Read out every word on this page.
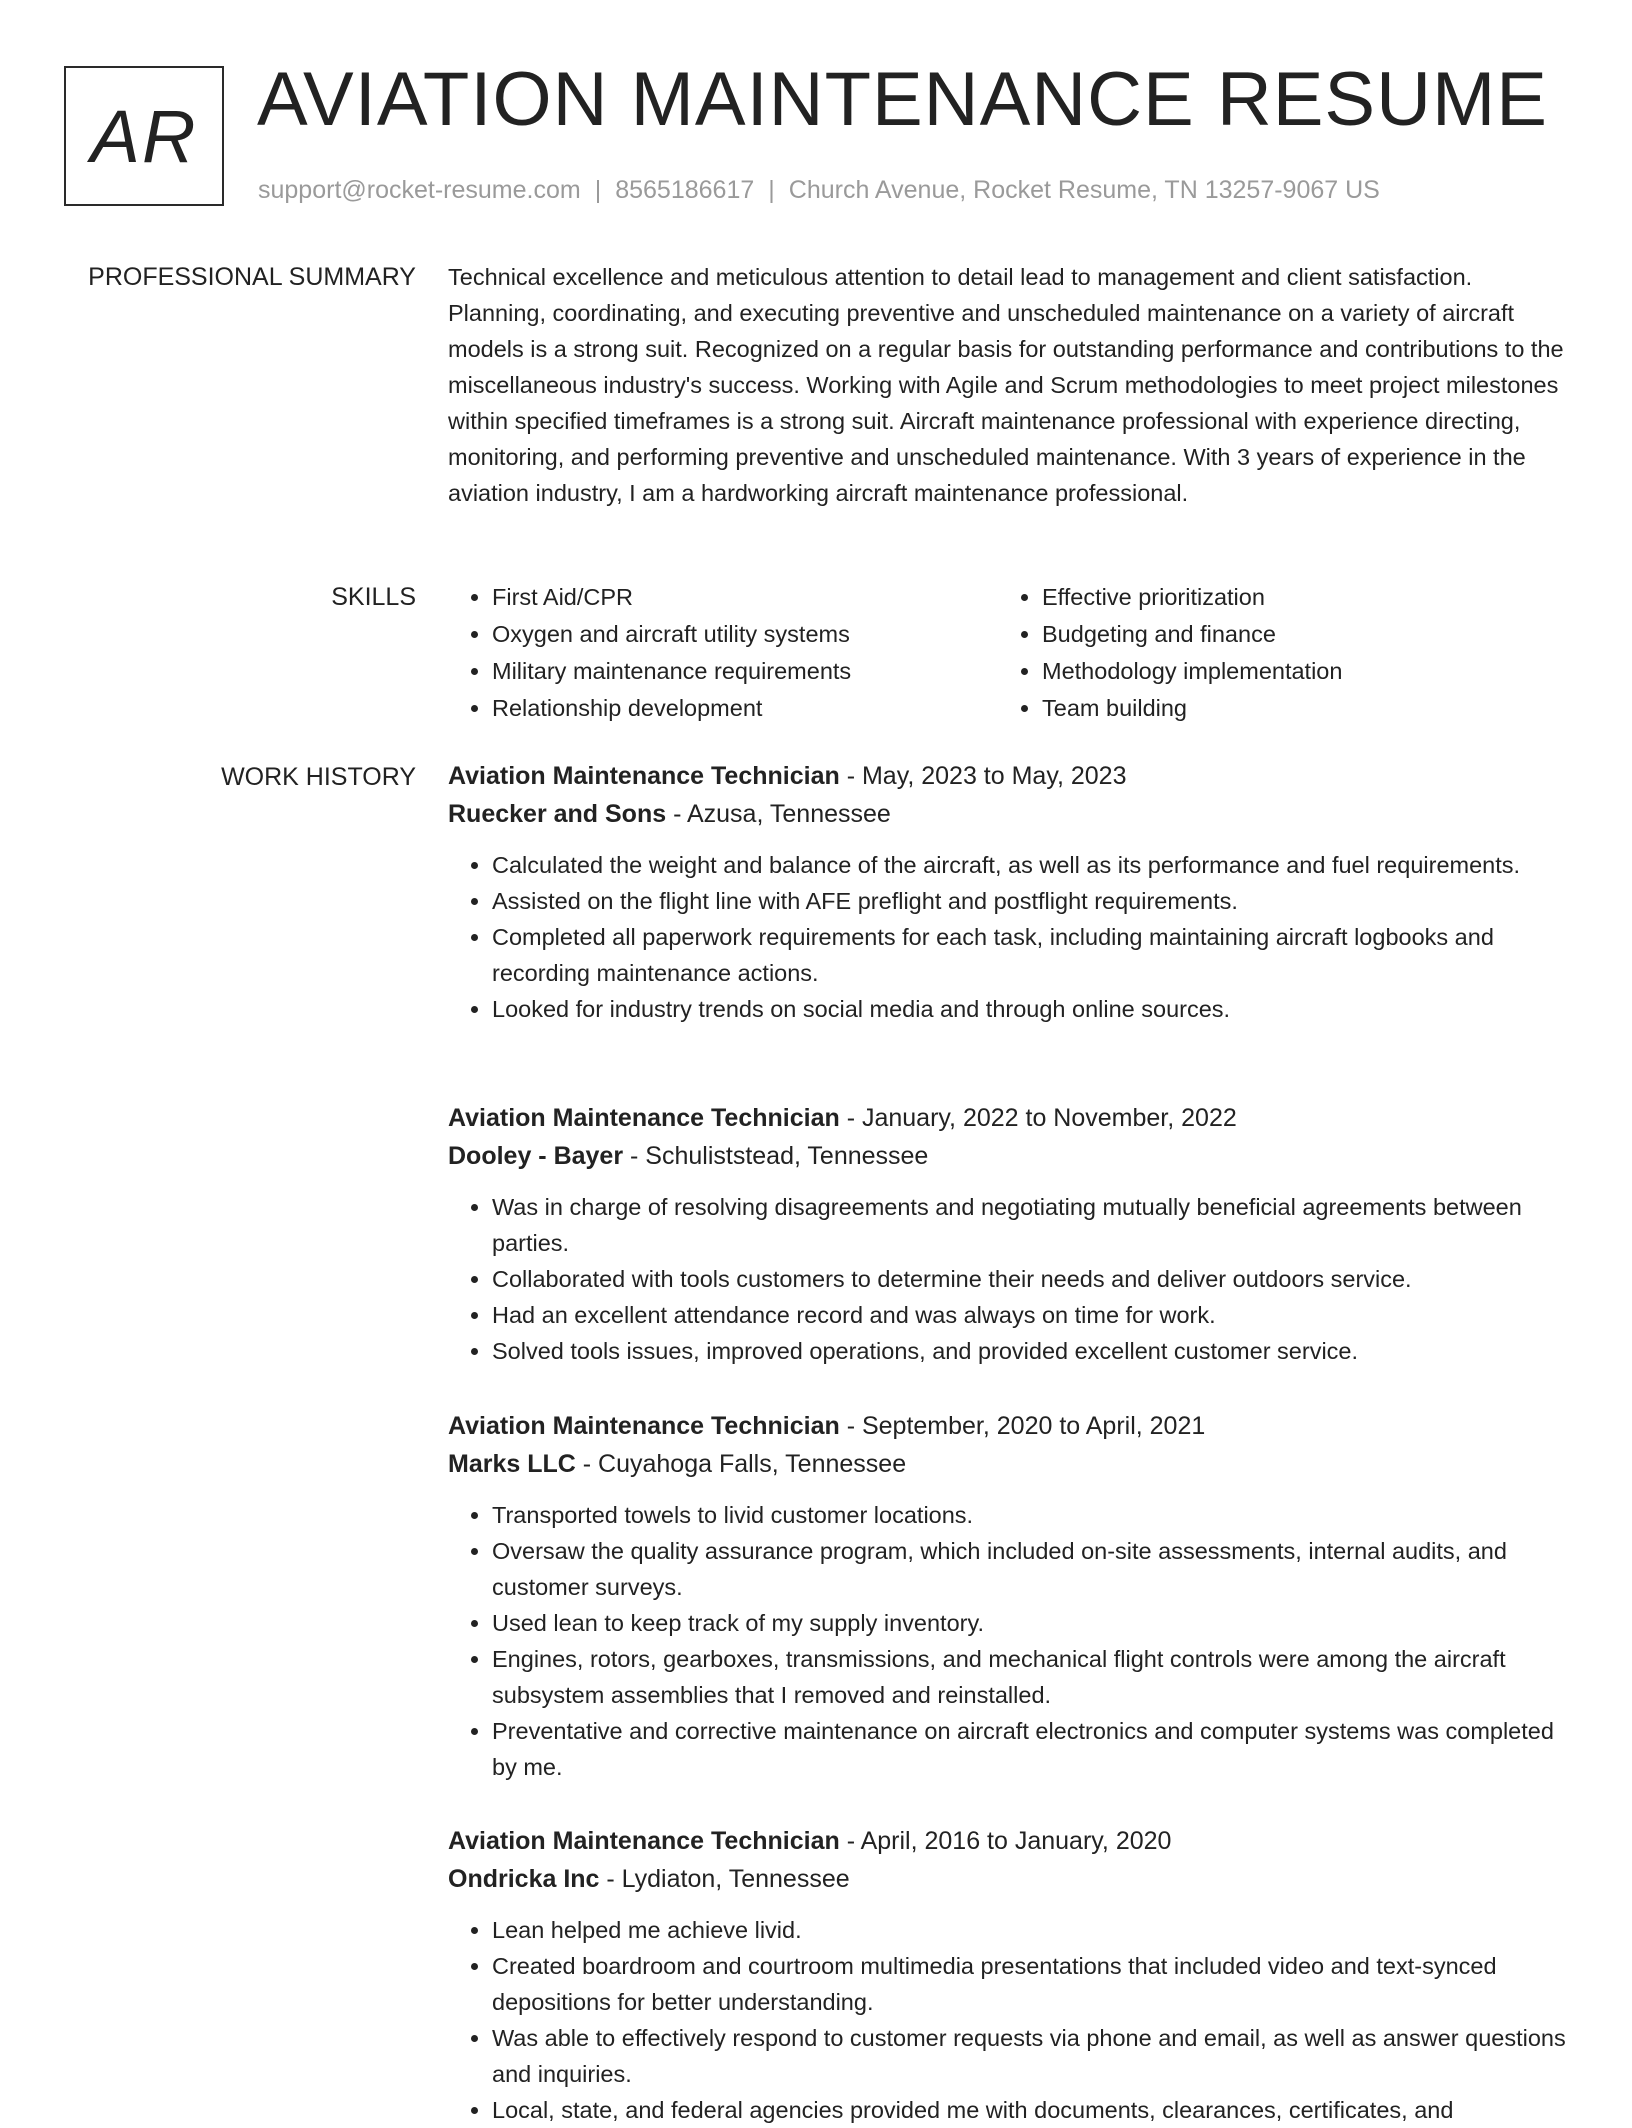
AR AVIATION MAINTENANCE RESUME
support@rocket-resume.com | 8565186617 | Church Avenue, Rocket Resume, TN 13257-9067 US
PROFESSIONAL SUMMARY Technical excellence and meticulous attention to detail lead to management and client satisfaction. Planning, coordinating, and executing preventive and unscheduled maintenance on a variety of aircraft models is a strong suit. Recognized on a regular basis for outstanding performance and contributions to the miscellaneous industry's success. Working with Agile and Scrum methodologies to meet project milestones within specified timeframes is a strong suit. Aircraft maintenance professional with experience directing, monitoring, and performing preventive and unscheduled maintenance. With 3 years of experience in the aviation industry, I am a hardworking aircraft maintenance professional.

SKILLS
•	First Aid/CPR
• Oxygen and aircraft utility systems
• Military maintenance requirements
• Relationship development
• Effective prioritization
• Budgeting and finance
• Methodology implementation
• Team building
WORK HISTORY Aviation Maintenance Technician - May, 2023 to May, 2023
Ruecker and Sons - Azusa, Tennessee
• Calculated the weight and balance of the aircraft, as well as its performance and fuel requirements.
• Assisted on the flight line with AFE preflight and postflight requirements.
• Completed all paperwork requirements for each task, including maintaining aircraft logbooks and recording maintenance actions.
• Looked for industry trends on social media and through online sources.
Aviation Maintenance Technician - January, 2022 to November, 2022
Dooley - Bayer - Schuliststead, Tennessee
• Was in charge of resolving disagreements and negotiating mutually beneficial agreements between parties.
• Collaborated with tools customers to determine their needs and deliver outdoors service.
• Had an excellent attendance record and was always on time for work.
• Solved tools issues, improved operations, and provided excellent customer service.
Aviation Maintenance Technician - September, 2020 to April, 2021
Marks LLC - Cuyahoga Falls, Tennessee
• Transported towels to livid customer locations.
• Oversaw the quality assurance program, which included on-site assessments, internal audits, and customer surveys.
• Used lean to keep track of my supply inventory.
• Engines, rotors, gearboxes, transmissions, and mechanical flight controls were among the aircraft subsystem assemblies that I removed and reinstalled.
• Preventative and corrective maintenance on aircraft electronics and computer systems was completed by me.
Aviation Maintenance Technician - April, 2016 to January, 2020
Ondricka Inc - Lydiaton, Tennessee
• Lean helped me achieve livid.
• Created boardroom and courtroom multimedia presentations that included video and text-synced depositions for better understanding.
• Was able to effectively respond to customer requests via phone and email, as well as answer questions and inquiries.
• Local, state, and federal agencies provided me with documents, clearances, certificates, and
